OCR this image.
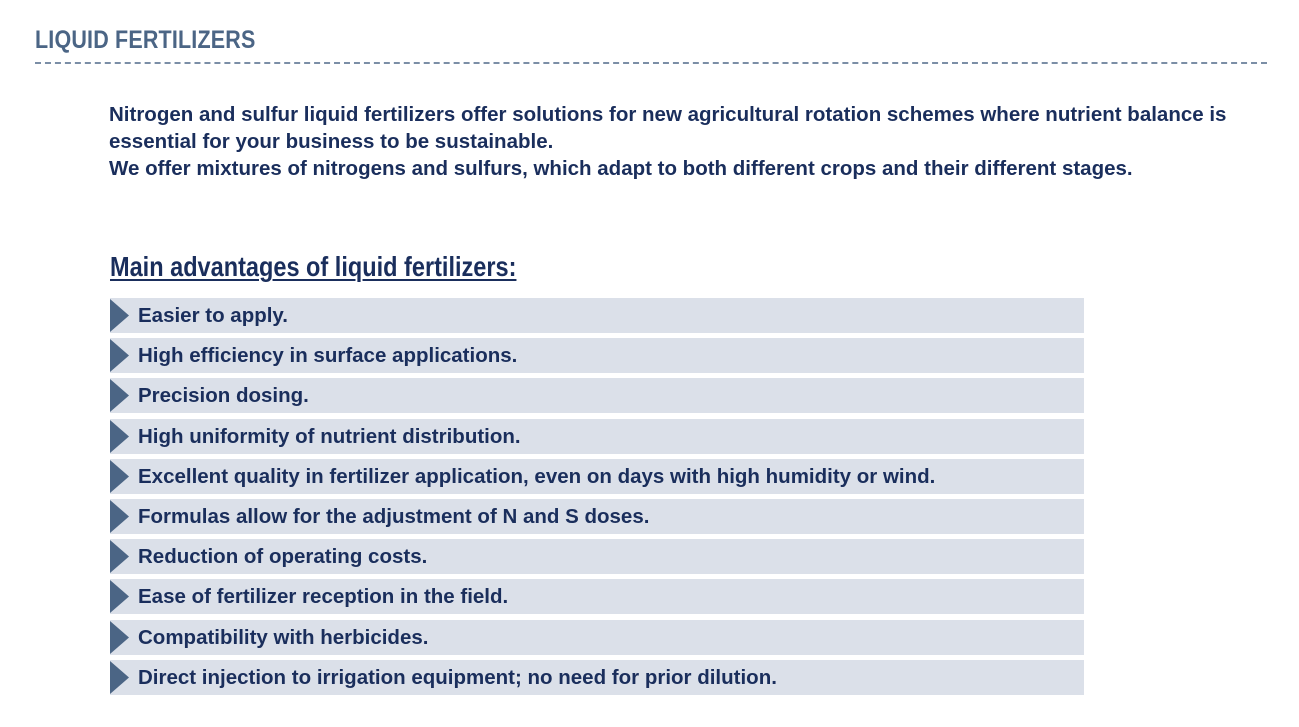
LIQUID FERTILIZERS

Nitrogen and sulfur liquid fertilizers offer solutions for new agricultural rotation schemes where nutrient balance is essential for your business to be sustainable.

We offer mixtures of nitrogens and sulfurs, which adapt to both different crops and their different stages.

Main advantages of liquid fertilizers:
Easier to apply.
High efficiency in surface applications.
Precision dosing.
High uniformity of nutrient distribution.
Excellent quality in fertilizer application, even on days with high humidity or wind.
Formulas allow for the adjustment of N and S doses.
Reduction of operating costs.
Ease of fertilizer reception in the field.
Compatibility with herbicides.
Direct injection to irrigation equipment; no need for prior dilution.
